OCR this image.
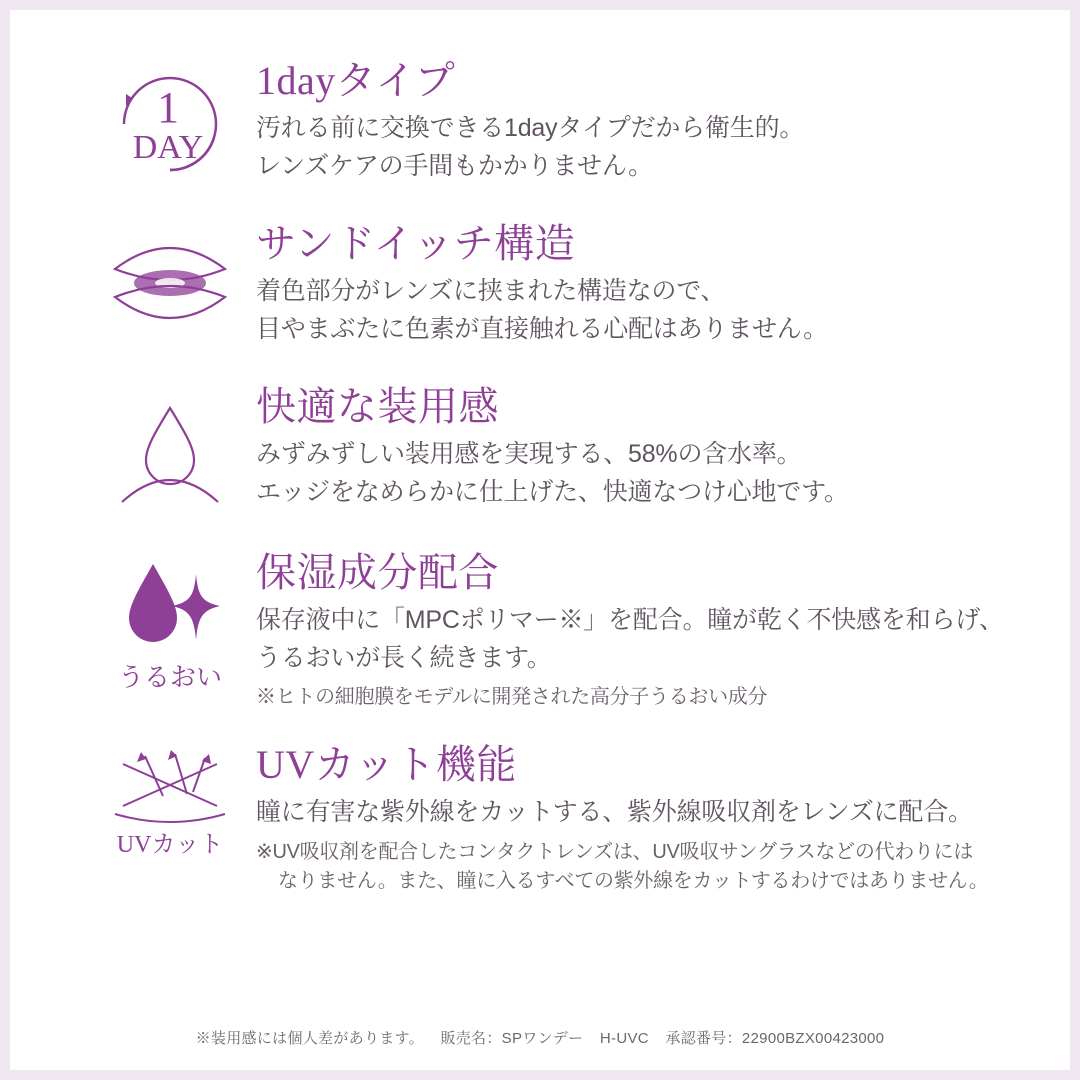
1
DAY
1dayタイプ

汚れる前に交換できる1dayタイプだから衛生的。

レンズケアの手間もかかりません。

サンドイッチ構造

着色部分がレンズに挟まれた構造なので、

目やまぶたに色素が直接触れる心配はありません。

快適な装用感

みずみずしい装用感を実現する、58%の含水率。

エッジをなめらかに仕上げた、快適なつけ心地です。

うるおい
保湿成分配合

保存液中に「MPCポリマー※」を配合。瞳が乾く不快感を和らげ、

うるおいが長く続きます。

※ヒトの細胞膜をモデルに開発された高分子うるおい成分

UVカット
UVカット機能

瞳に有害な紫外線をカットする、紫外線吸収剤をレンズに配合。

※UV吸収剤を配合したコンタクトレンズは、UV吸収サングラスなどの代わりには

なりません。また、瞳に入るすべての紫外線をカットするわけではありません。

※装用感には個人差があります。 販売名：SPワンデー H-UVC 承認番号：22900BZX00423000
